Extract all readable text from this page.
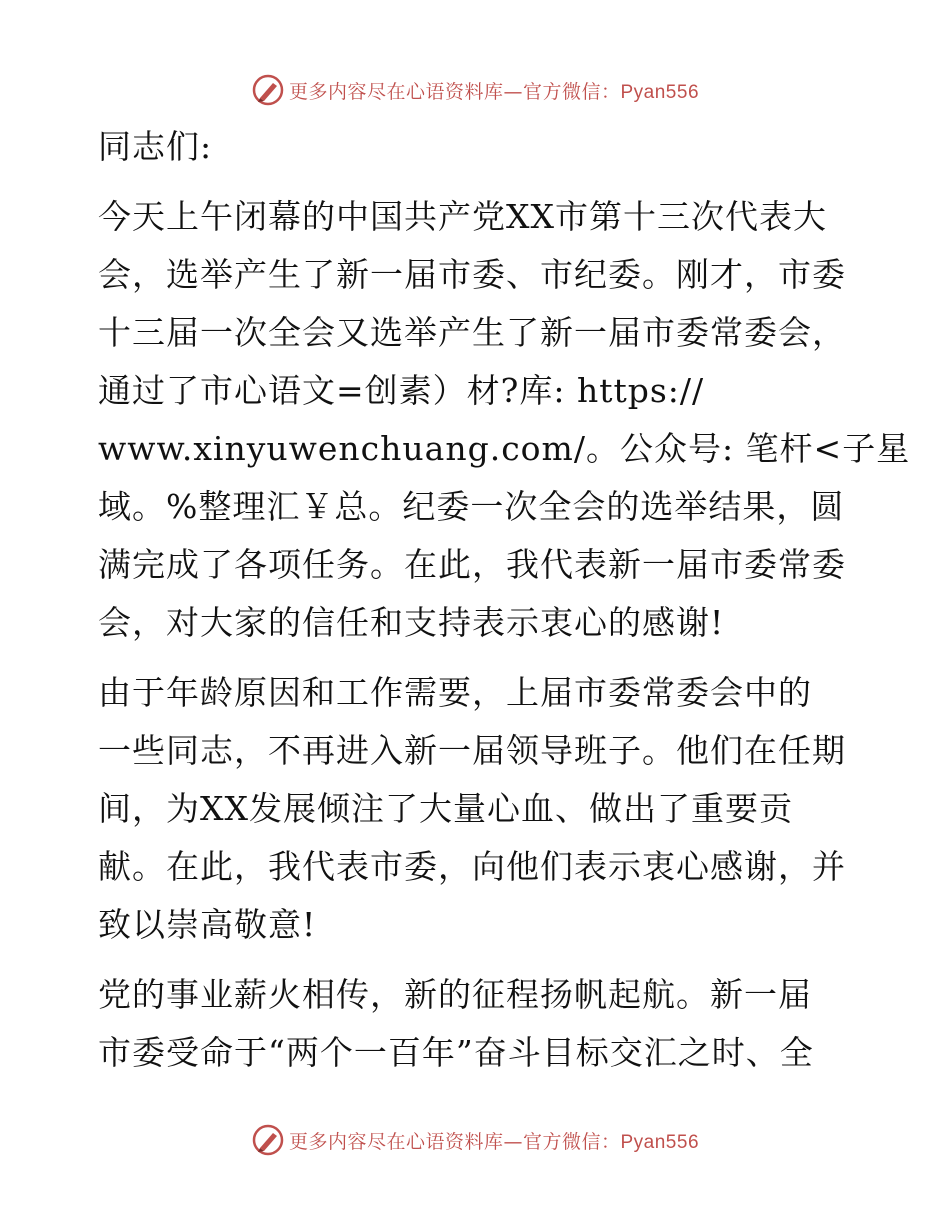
更多内容尽在心语资料库—官方微信：Pyan556
同志们:
今天上午闭幕的中国共产党XX市第十三次代表大
会，选举产生了新一届市委、市纪委。刚才，市委
十三届一次全会又选举产生了新一届市委常委会，
通过了市心语文=创素）材?库: https://
www.xinyuwenchuang.com/。公众号: 笔杆<子星
域。%整理汇￥总。纪委一次全会的选举结果，圆
满完成了各项任务。在此，我代表新一届市委常委
会，对大家的信任和支持表示衷心的感谢!
由于年龄原因和工作需要，上届市委常委会中的
一些同志，不再进入新一届领导班子。他们在任期
间，为XX发展倾注了大量心血、做出了重要贡
献。在此，我代表市委，向他们表示衷心感谢，并
致以崇高敬意!
党的事业薪火相传，新的征程扬帆起航。新一届
市委受命于“两个一百年”奋斗目标交汇之时、全
更多内容尽在心语资料库—官方微信：Pyan556
